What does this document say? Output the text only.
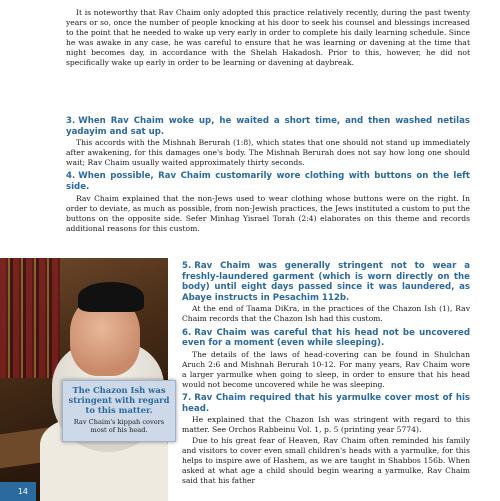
It is noteworthy that Rav Chaim only adopted this practice relatively recently, during the past twenty years or so, once the number of people knocking at his door to seek his counsel and blessings increased to the point that he needed to wake up very early in order to complete his daily learning schedule. Since he was awake in any case, he was careful to ensure that he was learning or davening at the time that night becomes day, in accordance with the Shelah Hakadosh. Prior to this, however, he did not specifically wake up early in order to be learning or davening at daybreak.

3. When Rav Chaim woke up, he waited a short time, and then washed netilas yadayim and sat up.

This accords with the Mishnah Berurah (1:8), which states that one should not stand up immediately after awakening, for this damages one's body. The Mishnah Berurah does not say how long one should wait; Rav Chaim usually waited approximately thirty seconds.

4. When possible, Rav Chaim customarily wore clothing with buttons on the left side.

Rav Chaim explained that the non-Jews used to wear clothing whose buttons were on the right. In order to deviate, as much as possible, from non-Jewish practices, the Jews instituted a custom to put the buttons on the opposite side. Sefer Minhag Yisrael Torah (2:4) elaborates on this theme and records additional reasons for this custom.

5. Rav Chaim was generally stringent not to wear a freshly-laundered garment (which is worn directly on the body) until eight days passed since it was laundered, as Abaye instructs in Pesachim 112b.

At the end of Taama DiKra, in the practices of the Chazon Ish (1), Rav Chaim records that the Chazon Ish had this custom.

6. Rav Chaim was careful that his head not be uncovered even for a moment (even while sleeping).

The details of the laws of head-covering can be found in Shulchan Aruch 2:6 and Mishnah Berurah 10-12. For many years, Rav Chaim wore a larger yarmulke when going to sleep, in order to ensure that his head would not become uncovered while he was sleeping.

7. Rav Chaim required that his yarmulke cover most of his head.

He explained that the Chazon Ish was stringent with regard to this matter. See Orchos Rabbeinu Vol. 1, p. 5 (printing year 5774).

Due to his great fear of Heaven, Rav Chaim often reminded his family and visitors to cover even small children's heads with a yarmulke, for this helps to inspire awe of Hashem, as we are taught in Shabbos 156b. When asked at what age a child should begin wearing a yarmulke, Rav Chaim said that his father

The Chazon Ish was stringent with regard to this matter.
Rav Chaim's kippah covers most of his head.
14
